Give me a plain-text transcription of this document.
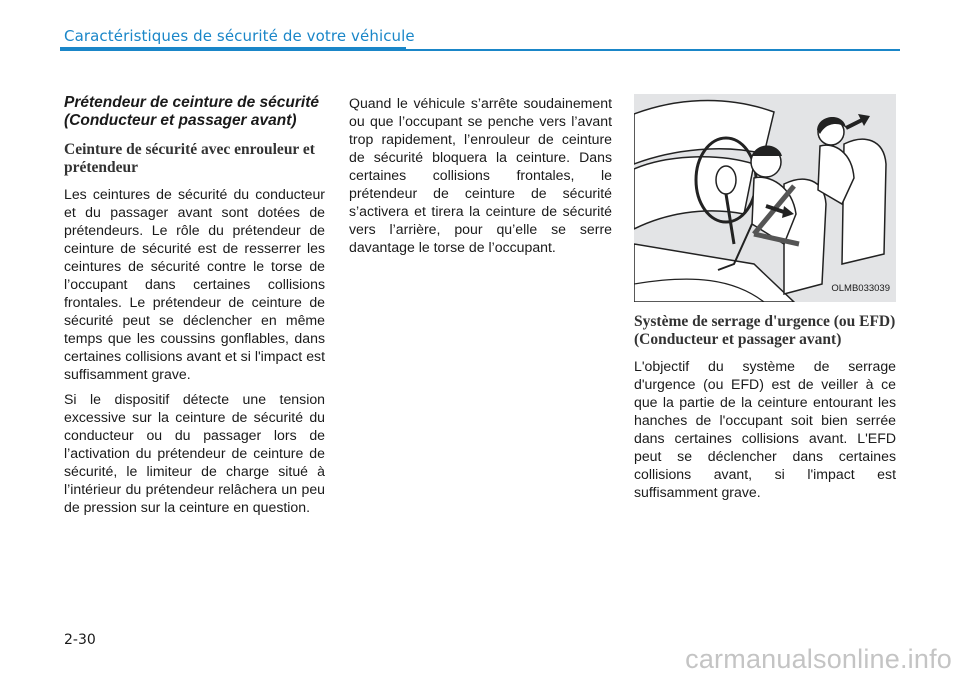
Caractéristiques de sécurité de votre véhicule
Prétendeur de ceinture de sécurité (Conducteur et passager avant)
Ceinture de sécurité avec enrouleur et prétendeur

Les ceintures de sécurité du conducteur et du passager avant sont dotées de prétendeurs. Le rôle du prétendeur de ceinture de sécurité est de resserrer les ceintures de sécurité contre le torse de l’occupant dans certaines collisions frontales. Le prétendeur de ceinture de sécurité peut se déclencher en même temps que les coussins gonflables, dans certaines collisions avant et si l'impact est suffisamment grave.

Si le dispositif détecte une tension excessive sur la ceinture de sécurité du conducteur ou du passager lors de l’activation du prétendeur de ceinture de sécurité, le limiteur de charge situé à l’intérieur du prétendeur relâchera un peu de pression sur la ceinture en question.

Quand le véhicule s’arrête soudainement ou que l’occupant se penche vers l’avant trop rapidement, l’enrouleur de ceinture de sécurité bloquera la ceinture. Dans certaines collisions frontales, le prétendeur de ceinture de sécurité s’activera et tirera la ceinture de sécurité vers l’arrière, pour qu’elle se serre davantage le torse de l’occupant.

OLMB033039
Système de serrage d'urgence (ou EFD) (Conducteur et passager avant)

L'objectif du système de serrage d'urgence (ou EFD) est de veiller à ce que la partie de la ceinture entourant les hanches de l'occupant soit bien serrée dans certaines collisions avant. L'EFD peut se déclencher dans certaines collisions avant, si l'impact est suffisamment grave.

2-30
carmanualsonline.info
